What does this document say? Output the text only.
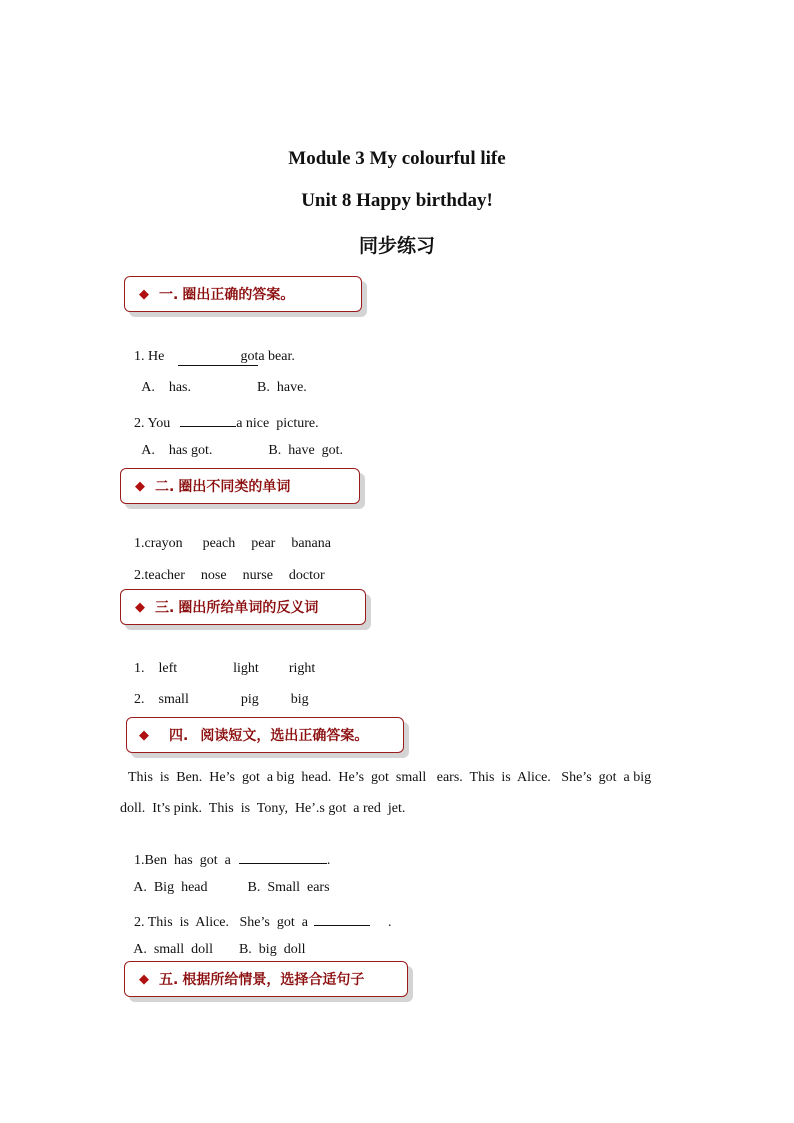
Module 3 My colourful life
Unit 8 Happy birthday!
同步练习
◆ 一. 圈出正确的答案。

1. He	gota bear.

A.    has.	B.  have.

2. You	a nice  picture.

A.    has got.	B.  have  got.

◆ 二. 圈出不同类的单词

1.crayon peach pear banana

2.teacher nose nurse doctor

◆ 三. 圈出所给单词的反义词

1. left	light right

2. small	pig big

◆ 四. 阅读短文，选出正确答案。
This  is  Ben.  He’s  got  a big  head.  He’s  got  small   ears.  This  is  Alice.   She’s  got  a big
doll.  It’s pink.  This  is  Tony,  He’.s got  a red  jet.

1.Ben  has  got  a	.

A.  Big  head	B.  Small  ears

2. This  is  Alice.   She’s  got  a	.

A.  small  doll B.  big  doll

◆ 五. 根据所给情景，选择合适句子
